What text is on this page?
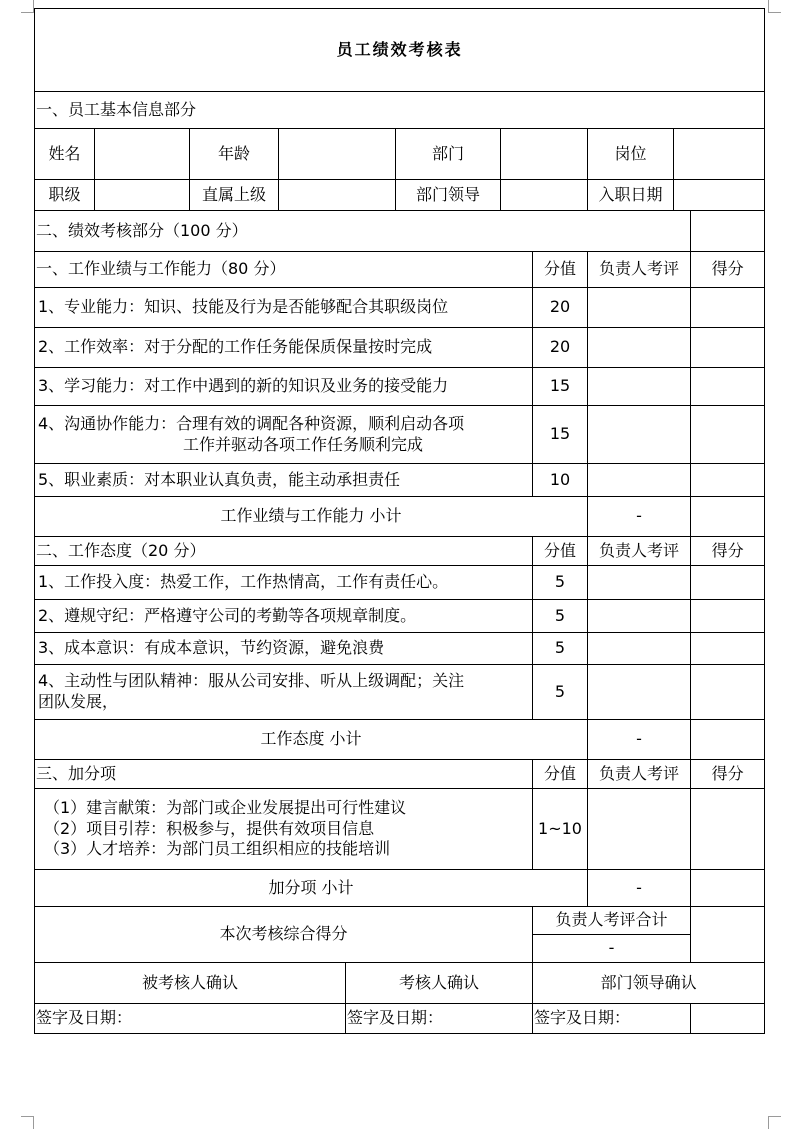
员工绩效考核表										
一、员工基本信息部分										
姓名		年龄			部门			岗位		
职级		直属上级			部门领导			入职日期		
二、绩效考核部分（100 分）										
一、工作业绩与工作能力（80 分）							分值	负责人考评		得分
1、专业能力：知识、技能及行为是否能够配合其职级岗位							20			
2、工作效率：对于分配的工作任务能保质保量按时完成							20			
3、学习能力：对工作中遇到的新的知识及业务的接受能力							15			

4、沟通协作能力：合理有效的调配各种资源，顺利启动各项
工作并驱动各项工作任务顺利完成							15			
5、职业素质：对本职业认真负责，能主动承担责任							10			
工作业绩与工作能力 小计								-		
二、工作态度（20 分）							分值	负责人考评		得分
1、工作投入度：热爱工作，工作热情高，工作有责任心。							5			
2、遵规守纪：严格遵守公司的考勤等各项规章制度。							5			
3、成本意识：有成本意识，节约资源，避免浪费							5			

4、主动性与团队精神：服从公司安排、听从上级调配；关注
团队发展，							5			
工作态度 小计								-		
三、加分项							分值	负责人考评		得分

（1）建言献策：为部门或企业发展提出可行性建议
（2）项目引荐：积极参与，提供有效项目信息
（3）人才培养：为部门员工组织相应的技能培训							1~10			
加分项 小计								-		
本次考核综合得分							负责人考评合计			
							-			
被考核人确认				考核人确认			部门领导确认			
签字及日期：				签字及日期：			签字及日期：			
